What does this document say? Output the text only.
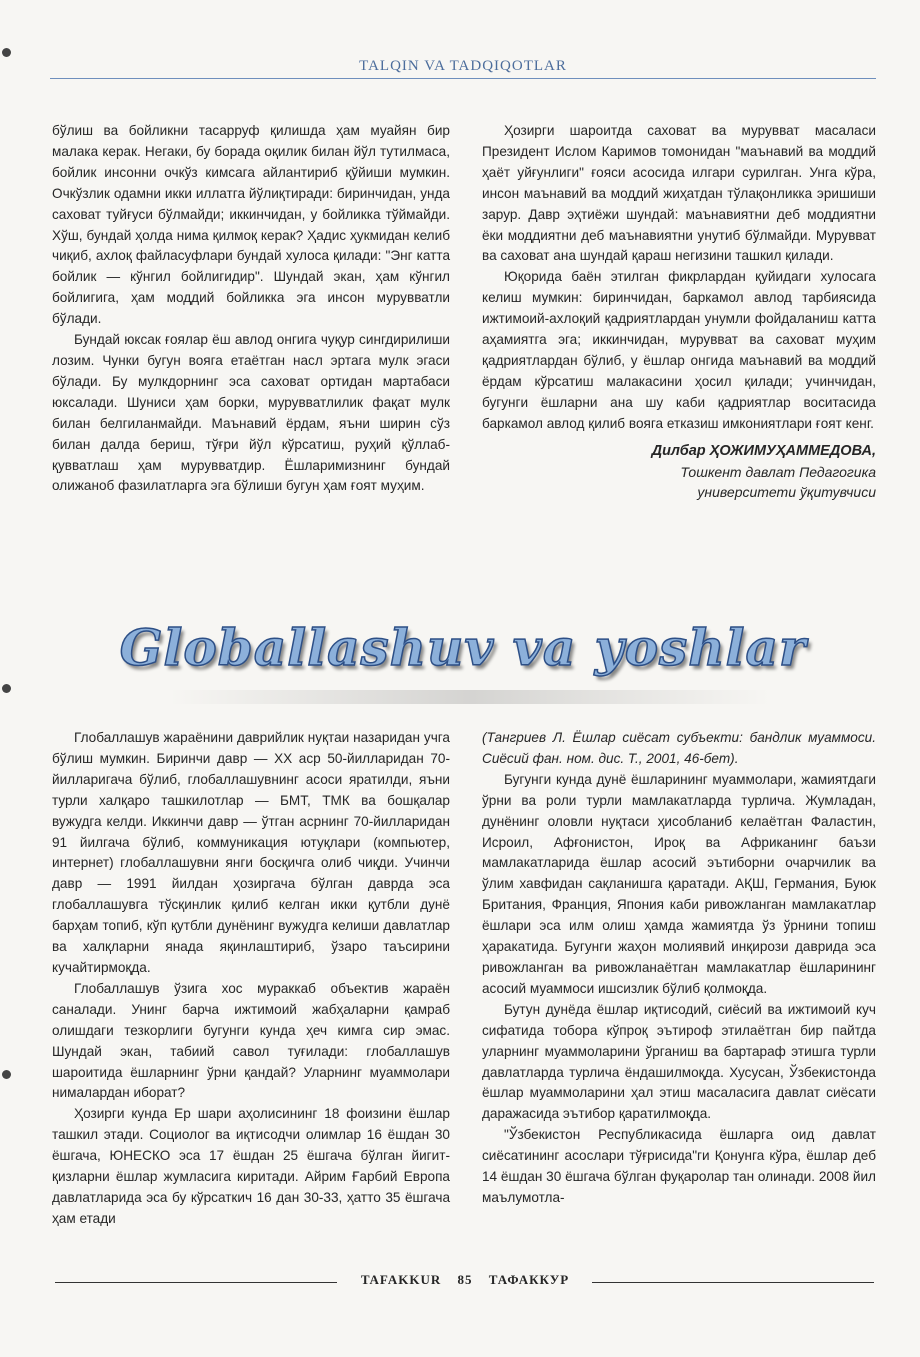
TALQIN VA TADQIQOTLAR

бўлиш ва бойликни тасарруф қилишда ҳам муайян бир малака керак. Негаки, бу борада оқилик билан йўл тутилмаса, бойлик инсонни очкўз кимсага айлантириб қўйиши мумкин. Очкўзлик одамни икки иллатга йўлиқтиради: биринчидан, унда саховат туйғуси бўлмайди; иккинчидан, у бойликка тўймайди. Хўш, бундай ҳолда нима қилмоқ керак? Ҳадис ҳукмидан келиб чиқиб, ахлоқ файласуфлари бундай хулоса қилади: "Энг катта бойлик — кўнгил бойлигидир". Шундай экан, ҳам кўнгил бойлигига, ҳам моддий бойликка эга инсон мурувватли бўлади.

Бундай юксак ғоялар ёш авлод онгига чуқур сингдирилиши лозим. Чунки бугун вояга етаётган насл эртага мулк эгаси бўлади. Бу мулкдорнинг эса саховат ортидан мартабаси юксалади. Шуниси ҳам борки, мурувватлилик фақат мулк билан белгиланмайди. Маънавий ёрдам, яъни ширин сўз билан далда бериш, тўғри йўл кўрсатиш, руҳий қўллаб-қувватлаш ҳам мурувватдир. Ёшларимизнинг бундай олижаноб фазилатларга эга бўлиши бугун ҳам ғоят муҳим.

Ҳозирги шароитда саховат ва мурувват масаласи Президент Ислом Каримов томонидан "маънавий ва моддий ҳаёт уйғунлиги" ғояси асосида илгари сурилган. Унга кўра, инсон маънавий ва моддий жиҳатдан тўлақонликка эришиши зарур. Давр эҳтиёжи шундай: маънавиятни деб моддиятни ёки моддиятни деб маънавиятни унутиб бўлмайди. Мурувват ва саховат ана шундай қараш негизини ташкил қилади.

Юқорида баён этилган фикрлардан қуйидаги хулосага келиш мумкин: биринчидан, баркамол авлод тарбиясида ижтимоий-ахлоқий қадриятлардан унумли фойдаланиш катта аҳамиятга эга; иккинчидан, мурувват ва саховат муҳим қадриятлардан бўлиб, у ёшлар онгида маънавий ва моддий ёрдам кўрсатиш малакасини ҳосил қилади; учинчидан, бугунги ёшларни ана шу каби қадриятлар воситасида баркамол авлод қилиб вояга етказиш имкониятлари ғоят кенг.

Дилбар ҲОЖИМУҲАММЕДОВА,
Тошкент давлат Педагогика
университети ўқитувчиси
Globallashuv va yoshlar

Глобаллашув жараёнини даврийлик нуқтаи назаридан учга бўлиш мумкин. Биринчи давр — XX аср 50-йилларидан 70-йилларигача бўлиб, глобаллашувнинг асоси яратилди, яъни турли халқаро ташкилотлар — БМТ, ТМК ва бошқалар вужудга келди. Иккинчи давр — ўтган асрнинг 70-йилларидан 91 йилгача бўлиб, коммуникация ютуқлари (компьютер, интернет) глобаллашувни янги босқичга олиб чиқди. Учинчи давр — 1991 йилдан ҳозиргача бўлган даврда эса глобаллашувга тўсқинлик қилиб келган икки қутбли дунё барҳам топиб, кўп қутбли дунёнинг вужудга келиши давлатлар ва халқларни янада яқинлаштириб, ўзаро таъсирини кучайтирмоқда.

Глобаллашув ўзига хос мураккаб объектив жараён саналади. Унинг барча ижтимоий жабҳаларни қамраб олишдаги тезкорлиги бугунги кунда ҳеч кимга сир эмас. Шундай экан, табиий савол туғилади: глобаллашув шароитида ёшларнинг ўрни қандай? Уларнинг муаммолари нималардан иборат?

Ҳозирги кунда Ер шари аҳолисининг 18 фоизини ёшлар ташкил этади. Социолог ва иқтисодчи олимлар 16 ёшдан 30 ёшгача, ЮНЕСКО эса 17 ёшдан 25 ёшгача бўлган йигит-қизларни ёшлар жумласига киритади. Айрим Ғарбий Европа давлатларида эса бу кўрсаткич 16 дан 30-33, ҳатто 35 ёшгача ҳам етади

(Тангриев Л. Ёшлар сиёсат субъекти: бандлик муаммоси. Сиёсий фан. ном. дис. Т., 2001, 46-бет).

Бугунги кунда дунё ёшларининг муаммолари, жамиятдаги ўрни ва роли турли мамлакатларда турлича. Жумладан, дунёнинг оловли нуқтаси ҳисобланиб келаётган Фаластин, Исроил, Афғонистон, Ироқ ва Африканинг баъзи мамлакатларида ёшлар асосий эътиборни очарчилик ва ўлим хавфидан сақланишга қаратади. АҚШ, Германия, Буюк Британия, Франция, Япония каби ривожланган мамлакатлар ёшлари эса илм олиш ҳамда жамиятда ўз ўрнини топиш ҳаракатида. Бугунги жаҳон молиявий инқирози даврида эса ривожланган ва ривожланаётган мамлакатлар ёшларининг асосий муаммоси ишсизлик бўлиб қолмоқда.

Бутун дунёда ёшлар иқтисодий, сиёсий ва ижтимоий куч сифатида тобора кўпроқ эътироф этилаётган бир пайтда уларнинг муаммоларини ўрганиш ва бартараф этишга турли давлатларда турлича ёндашилмоқда. Хусусан, Ўзбекистонда ёшлар муаммоларини ҳал этиш масаласига давлат сиёсати даражасида эътибор қаратилмоқда.

"Ўзбекистон Республикасида ёшларга оид давлат сиёсатининг асослари тўғрисида"ги Қонунга кўра, ёшлар деб 14 ёшдан 30 ёшгача бўлган фуқаролар тан олинади. 2008 йил маълумотла-

TAFAKKUR 85 ТАФАККУР
